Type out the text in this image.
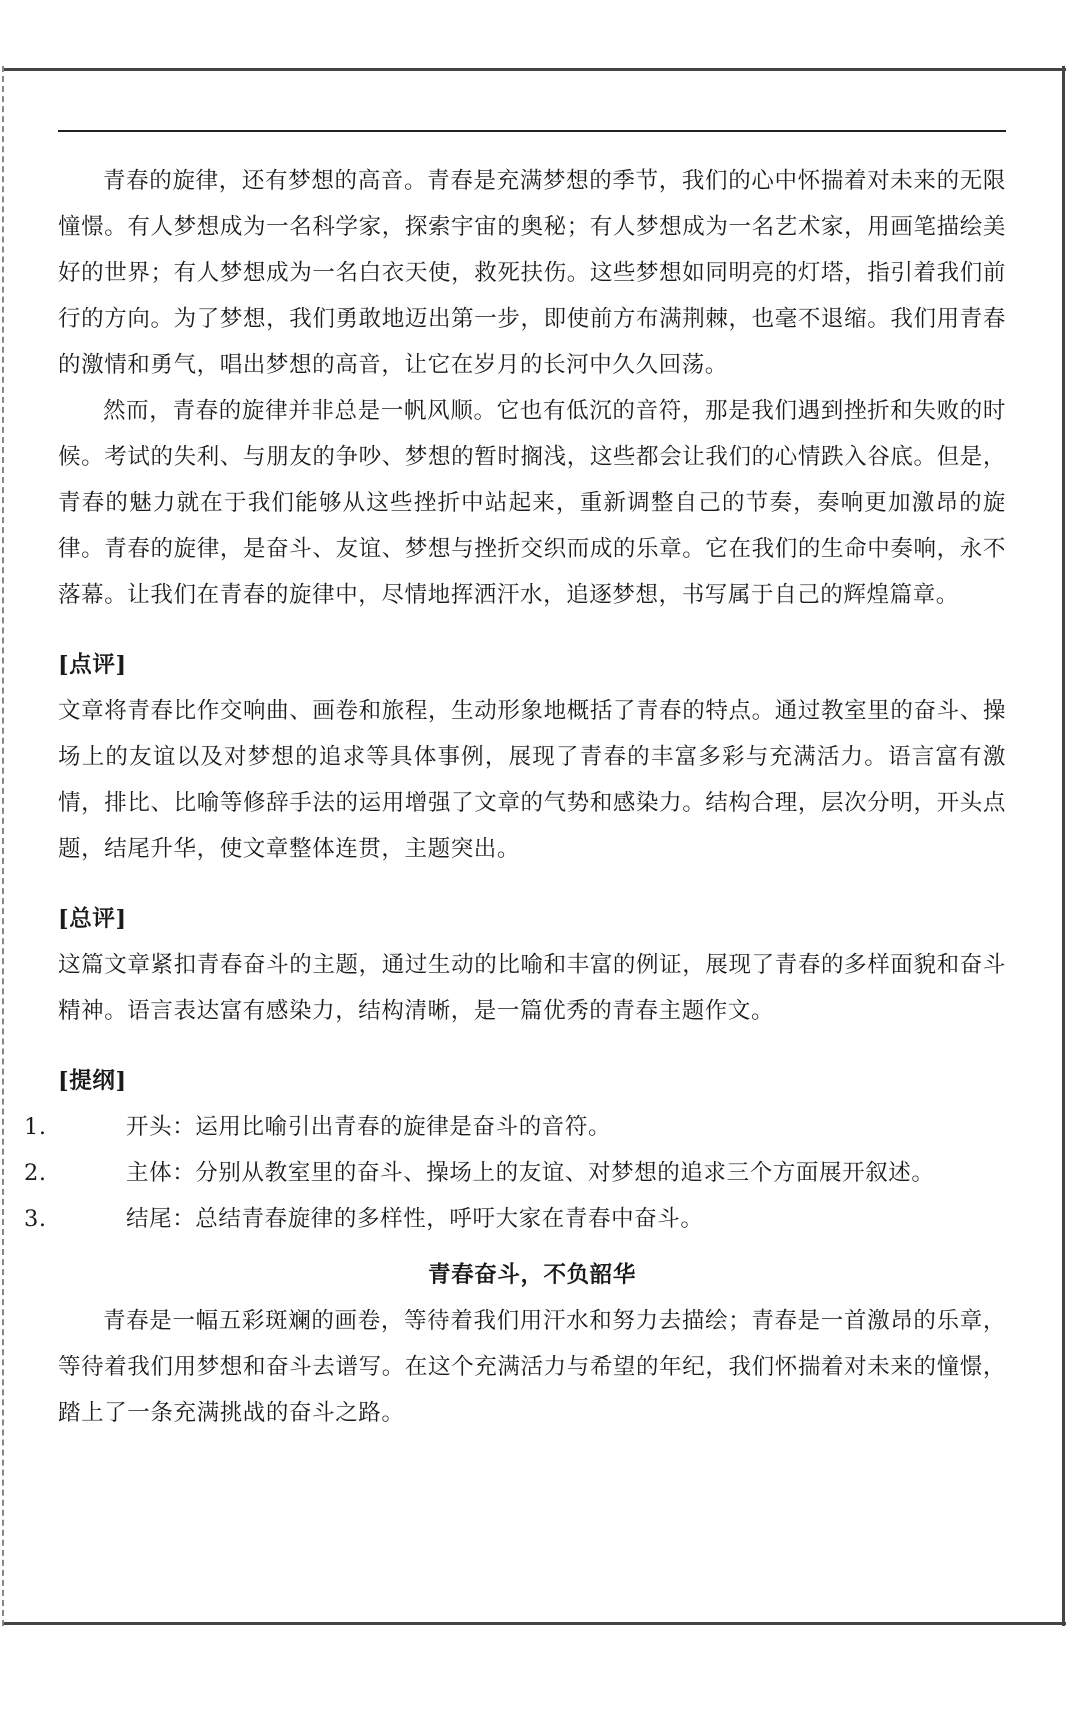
青春的旋律，还有梦想的高音。青春是充满梦想的季节，我们的心中怀揣着对未来的无限憧憬。有人梦想成为一名科学家，探索宇宙的奥秘；有人梦想成为一名艺术家，用画笔描绘美好的世界；有人梦想成为一名白衣天使，救死扶伤。这些梦想如同明亮的灯塔，指引着我们前行的方向。为了梦想，我们勇敢地迈出第一步，即使前方布满荆棘，也毫不退缩。我们用青春的激情和勇气，唱出梦想的高音，让它在岁月的长河中久久回荡。

然而，青春的旋律并非总是一帆风顺。它也有低沉的音符，那是我们遇到挫折和失败的时候。考试的失利、与朋友的争吵、梦想的暂时搁浅，这些都会让我们的心情跌入谷底。但是，青春的魅力就在于我们能够从这些挫折中站起来，重新调整自己的节奏，奏响更加激昂的旋律。青春的旋律，是奋斗、友谊、梦想与挫折交织而成的乐章。它在我们的生命中奏响，永不落幕。让我们在青春的旋律中，尽情地挥洒汗水，追逐梦想，书写属于自己的辉煌篇章。

[点评]

文章将青春比作交响曲、画卷和旅程，生动形象地概括了青春的特点。通过教室里的奋斗、操场上的友谊以及对梦想的追求等具体事例，展现了青春的丰富多彩与充满活力。语言富有激情，排比、比喻等修辞手法的运用增强了文章的气势和感染力。结构合理，层次分明，开头点题，结尾升华，使文章整体连贯，主题突出。

[总评]

这篇文章紧扣青春奋斗的主题，通过生动的比喻和丰富的例证，展现了青春的多样面貌和奋斗精神。语言表达富有感染力，结构清晰，是一篇优秀的青春主题作文。

[提纲]

1.	开头：运用比喻引出青春的旋律是奋斗的音符。
2.	主体：分别从教室里的奋斗、操场上的友谊、对梦想的追求三个方面展开叙述。
3.	结尾：总结青春旋律的多样性，呼吁大家在青春中奋斗。

青春奋斗，不负韶华

青春是一幅五彩斑斓的画卷，等待着我们用汗水和努力去描绘；青春是一首激昂的乐章，等待着我们用梦想和奋斗去谱写。在这个充满活力与希望的年纪，我们怀揣着对未来的憧憬，踏上了一条充满挑战的奋斗之路。
